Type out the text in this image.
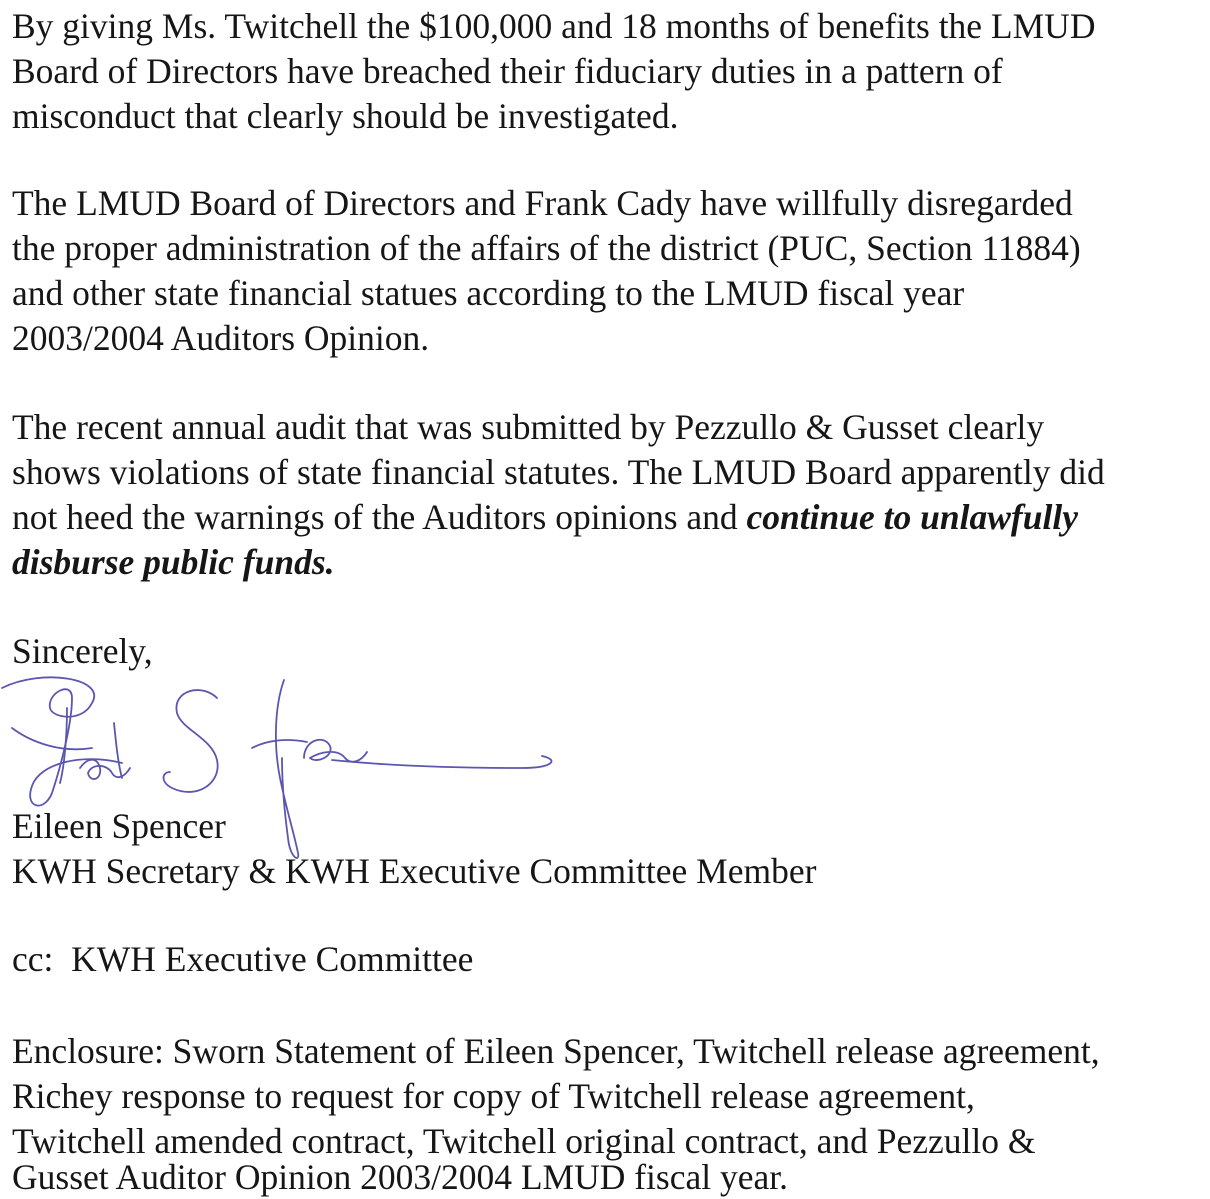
By giving Ms. Twitchell the $100,000 and 18 months of benefits the LMUD
Board of Directors have breached their fiduciary duties in a pattern of
misconduct that clearly should be investigated.
The LMUD Board of Directors and Frank Cady have willfully disregarded
the proper administration of the affairs of the district (PUC, Section 11884)
and other state financial statues according to the LMUD fiscal year
2003/2004 Auditors Opinion.
The recent annual audit that was submitted by Pezzullo & Gusset clearly
shows violations of state financial statutes. The LMUD Board apparently did
not heed the warnings of the Auditors opinions and continue to unlawfully
disburse public funds.
Sincerely,
Eileen Spencer
KWH Secretary & KWH Executive Committee Member
cc:  KWH Executive Committee
Enclosure: Sworn Statement of Eileen Spencer, Twitchell release agreement,
Richey response to request for copy of Twitchell release agreement,
Twitchell amended contract, Twitchell original contract, and Pezzullo &
Gusset Auditor Opinion 2003/2004 LMUD fiscal year.
